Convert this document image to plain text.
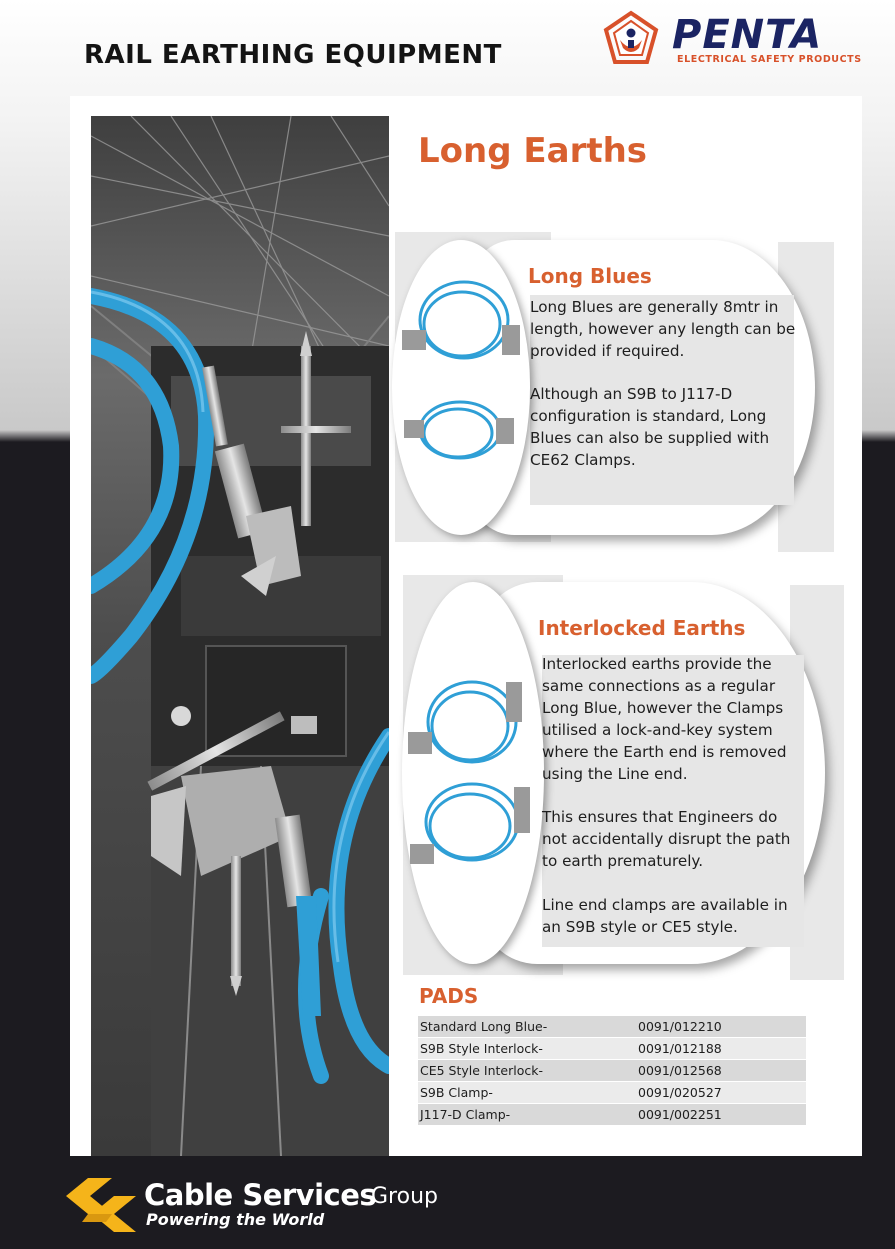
RAIL EARTHING EQUIPMENT	PENTA
ELECTRICAL SAFETY PRODUCTS
Long Earths
Long Blues
Long Blues are generally 8mtr in length, however any length can be provided if required.
Although an S9B to J117-D configuration is standard, Long Blues can also be supplied with CE62 Clamps.
Interlocked Earths
Interlocked earths provide the same connections as a regular Long Blue, however the Clamps utilised a lock-and-key system where the Earth end is removed using the Line end.
This ensures that Engineers do not accidentally disrupt the path to earth prematurely.
Line end clamps are available in an S9B style or CE5 style.
PADS
Standard Long Blue-	0091/012210
S9B Style Interlock-	0091/012188
CE5 Style Interlock-	0091/012568
S9B Clamp-	0091/020527
J117-D Clamp-	0091/002251
Cable Services
Group
Powering the World
